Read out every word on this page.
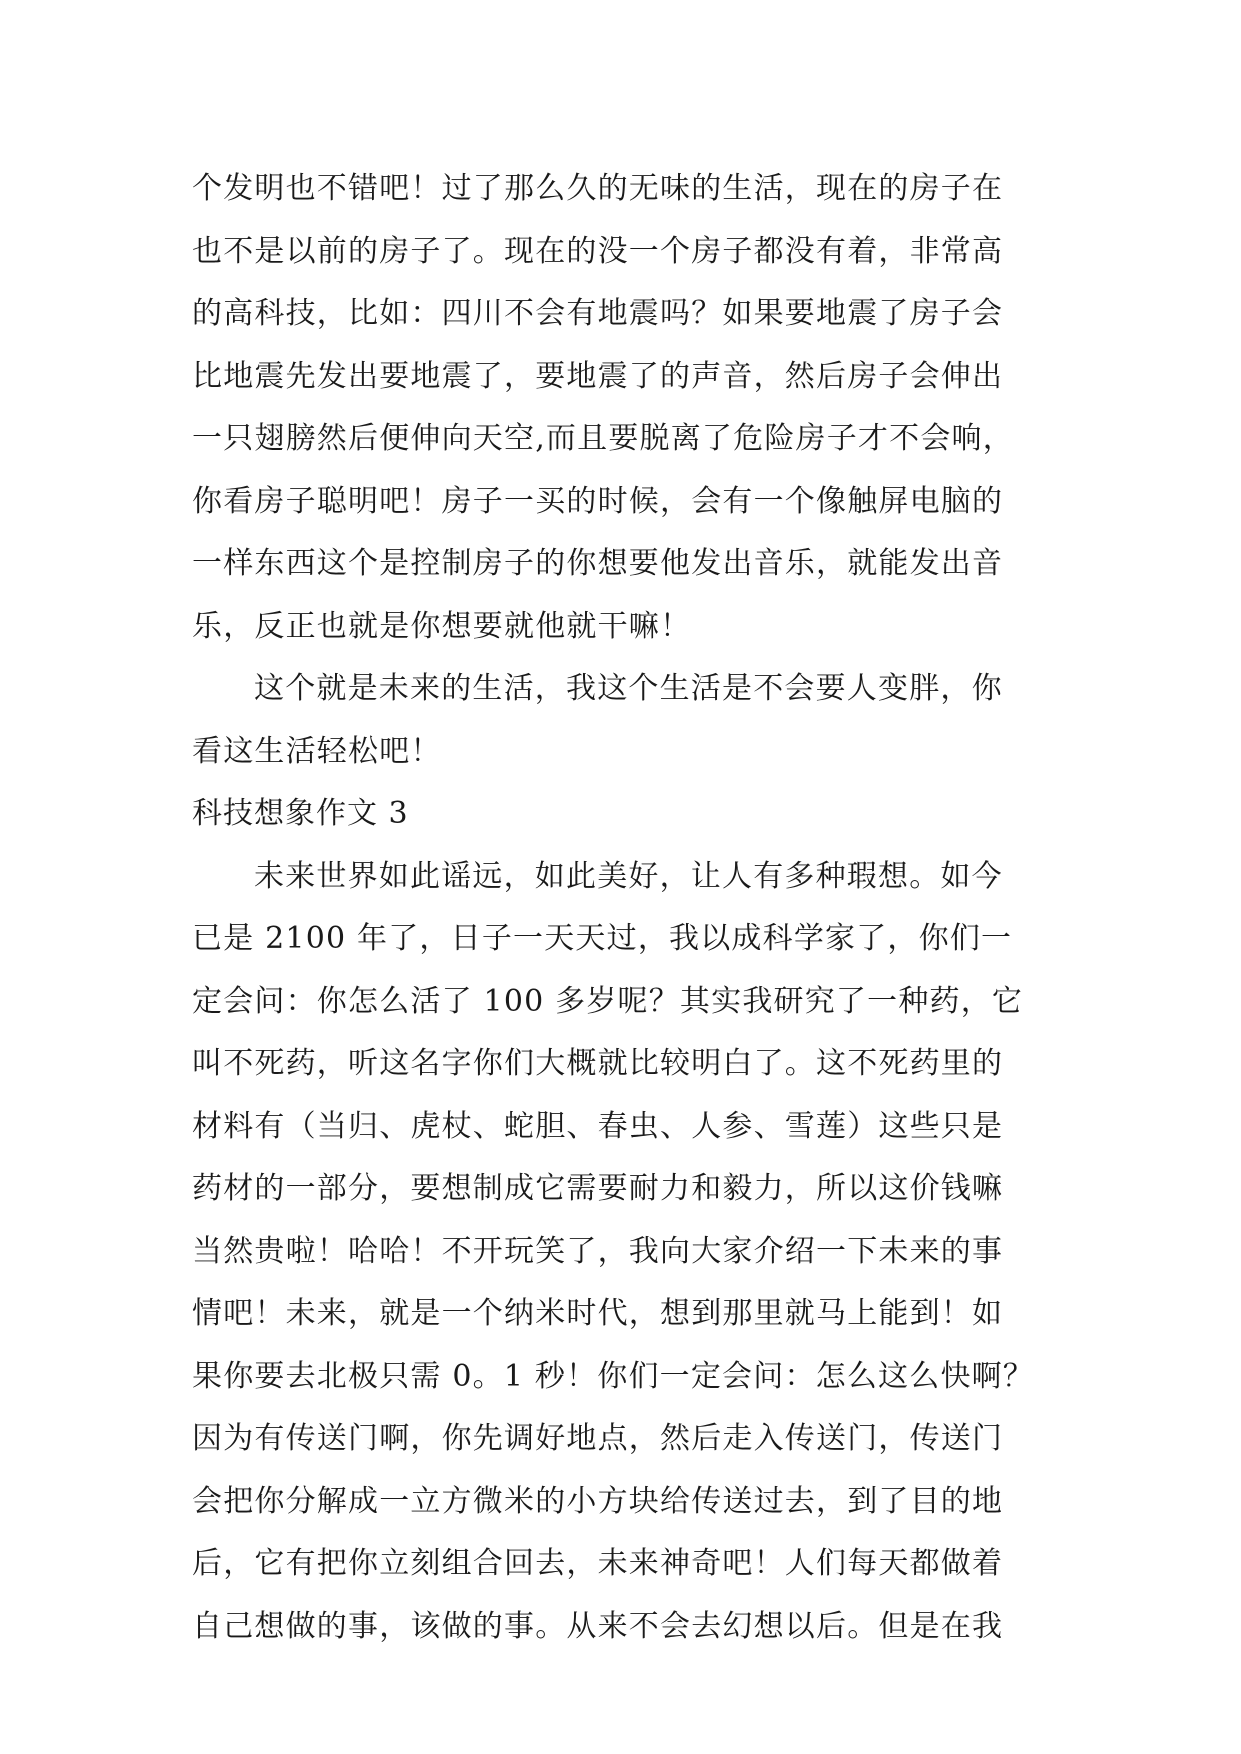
个发明也不错吧！过了那么久的无味的生活，现在的房子在
也不是以前的房子了。现在的没一个房子都没有着，非常高
的高科技，比如：四川不会有地震吗？如果要地震了房子会
比地震先发出要地震了，要地震了的声音，然后房子会伸出
一只翅膀然后便伸向天空,而且要脱离了危险房子才不会响，
你看房子聪明吧！房子一买的时候，会有一个像触屏电脑的
一样东西这个是控制房子的你想要他发出音乐，就能发出音
乐，反正也就是你想要就他就干嘛！
这个就是未来的生活，我这个生活是不会要人变胖，你
看这生活轻松吧！
科技想象作文 3
未来世界如此谣远，如此美好，让人有多种瑕想。如今
已是 2100 年了，日子一天天过，我以成科学家了，你们一
定会问：你怎么活了 100 多岁呢？其实我研究了一种药，它
叫不死药，听这名字你们大概就比较明白了。这不死药里的
材料有（当归、虎杖、蛇胆、春虫、人参、雪莲）这些只是
药材的一部分，要想制成它需要耐力和毅力，所以这价钱嘛
当然贵啦！哈哈！不开玩笑了，我向大家介绍一下未来的事
情吧！未来，就是一个纳米时代，想到那里就马上能到！如
果你要去北极只需 0。1 秒！你们一定会问：怎么这么快啊？
因为有传送门啊，你先调好地点，然后走入传送门，传送门
会把你分解成一立方微米的小方块给传送过去，到了目的地
后，它有把你立刻组合回去，未来神奇吧！人们每天都做着
自己想做的事，该做的事。从来不会去幻想以后。但是在我
